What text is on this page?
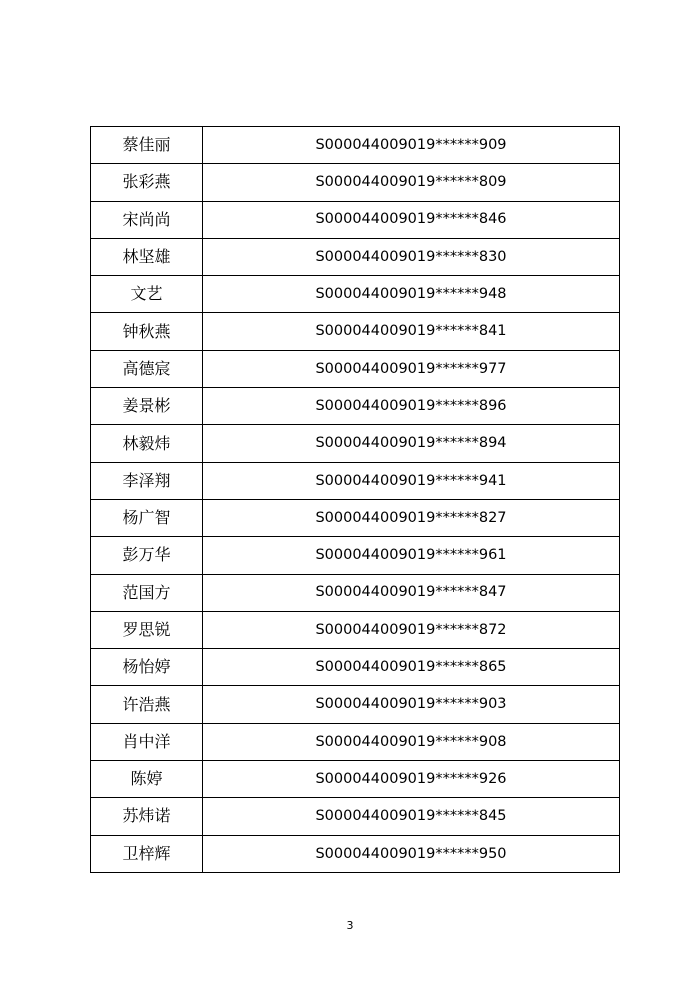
蔡佳丽	S000044009019******909
张彩燕	S000044009019******809
宋尚尚	S000044009019******846
林坚雄	S000044009019******830
文艺	S000044009019******948
钟秋燕	S000044009019******841
高德宸	S000044009019******977
姜景彬	S000044009019******896
林毅炜	S000044009019******894
李泽翔	S000044009019******941
杨广智	S000044009019******827
彭万华	S000044009019******961
范国方	S000044009019******847
罗思锐	S000044009019******872
杨怡婷	S000044009019******865
许浩燕	S000044009019******903
肖中洋	S000044009019******908
陈婷	S000044009019******926
苏炜诺	S000044009019******845
卫梓辉	S000044009019******950
3
